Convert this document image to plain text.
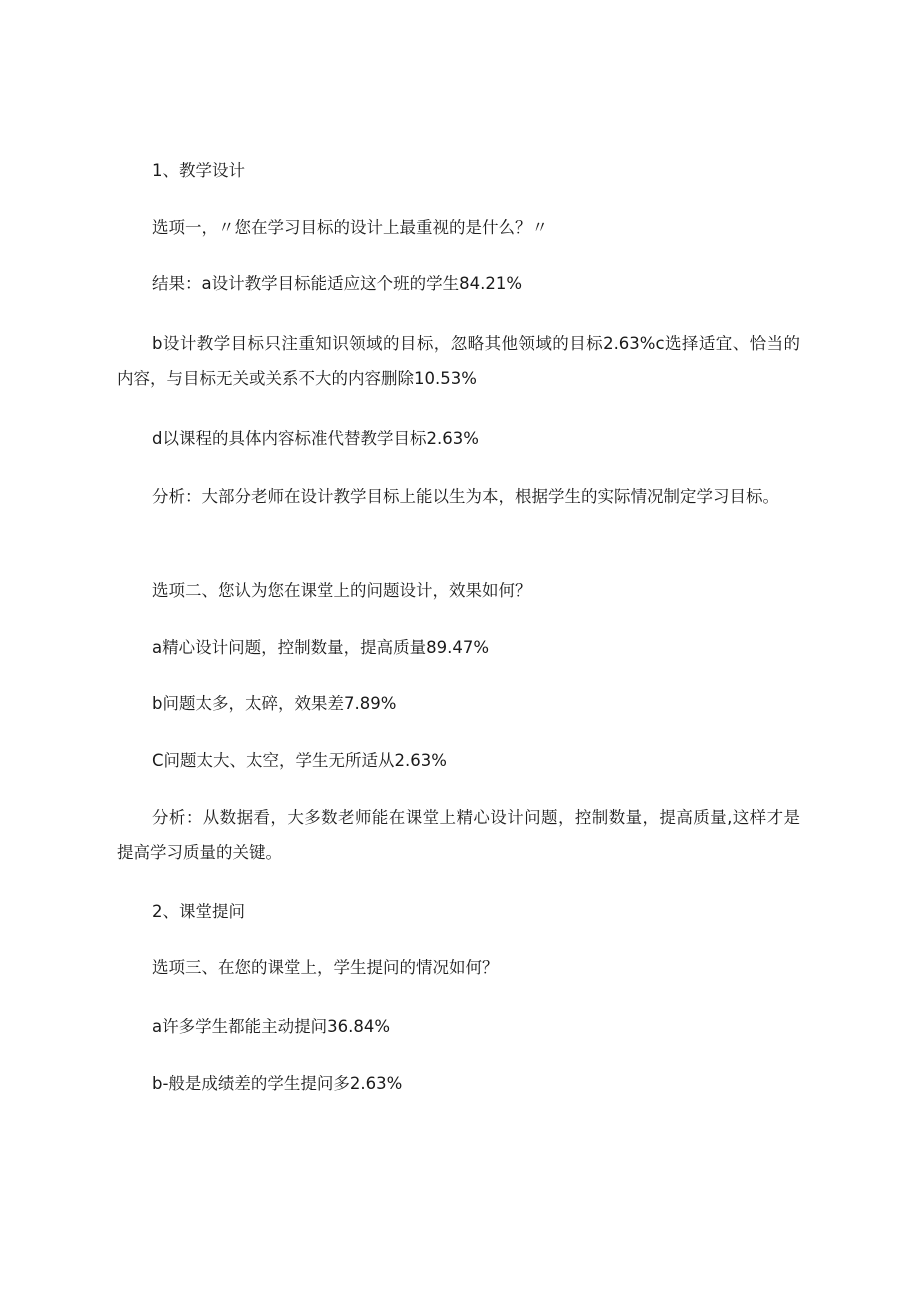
1、教学设计

选项一，〃您在学习目标的设计上最重视的是什么？〃

结果：a设计教学目标能适应这个班的学生84.21%

b设计教学目标只注重知识领域的目标，忽略其他领域的目标2.63%c选择适宜、恰当的内容，与目标无关或关系不大的内容删除10.53%

d以课程的具体内容标准代替教学目标2.63%

分析：大部分老师在设计教学目标上能以生为本，根据学生的实际情况制定学习目标。

选项二、您认为您在课堂上的问题设计，效果如何？

a精心设计问题，控制数量，提高质量89.47%

b问题太多，太碎，效果差7.89%

C问题太大、太空，学生无所适从2.63%

分析：从数据看，大多数老师能在课堂上精心设计问题，控制数量，提高质量,这样才是提高学习质量的关键。

2、课堂提问

选项三、在您的课堂上，学生提问的情况如何？

a许多学生都能主动提问36.84%

b-般是成绩差的学生提问多2.63%
